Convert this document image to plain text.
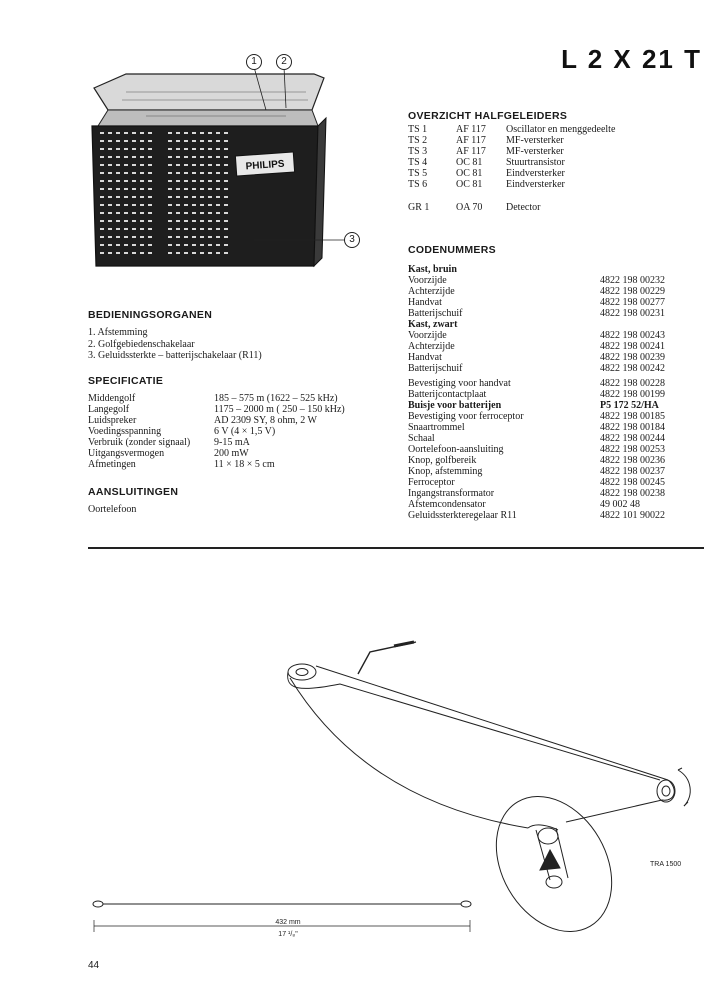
L 2 X 21 T
PHILIPS
1	2
3
OVERZICHT HALFGELEIDERS
TS 1	AF 117 Oscillator en menggedeelte
TS 2	AF 117 MF-versterker
TS 3	AF 117 MF-versterker
TS 4	OC 81 Stuurtransistor
TS 5	OC 81 Eindversterker
TS 6	OC 81 Eindversterker
GR 1	OA 70 Detector
CODENUMMERS
Kast, bruin
Voorzijde	4822 198 00232
Achterzijde	4822 198 00229
Handvat	4822 198 00277
Batterijschuif	4822 198 00231
Kast, zwart
Voorzijde	4822 198 00243
Achterzijde	4822 198 00241
Handvat	4822 198 00239
Batterijschuif	4822 198 00242
Bevestiging voor handvat	4822 198 00228
Batterijcontactplaat	4822 198 00199
Buisje voor batterijen	P5 172 52/HA
Bevestiging voor ferroceptor	4822 198 00185
Snaartrommel	4822 198 00184
Schaal	4822 198 00244
Oortelefoon-aansluiting	4822 198 00253
Knop, golfbereik	4822 198 00236
Knop, afstemming	4822 198 00237
Ferroceptor	4822 198 00245
Ingangstransformator	4822 198 00238
Afstemcondensator	49 002 48
Geluidssterkteregelaar R11	4822 101 90022
BEDIENINGSORGANEN
1. Afstemming
2. Golfgebiedenschakelaar
3. Geluidssterkte – batterijschakelaar (R11)
SPECIFICATIE
Middengolf	185 – 575 m (1622 – 525 kHz)
Langegolf	1175 – 2000 m ( 250 – 150 kHz)
Luidspreker	AD 2309 SY, 8 ohm, 2 W
Voedingsspanning	6 V (4 × 1,5 V)
Verbruik (zonder signaal) 9-15 mA
Uitgangsvermogen	200 mW
Afmetingen	11 × 18 × 5 cm
AANSLUITINGEN
Oortelefoon
TRA 1500
432 mm
17 ¹/₈"
44
